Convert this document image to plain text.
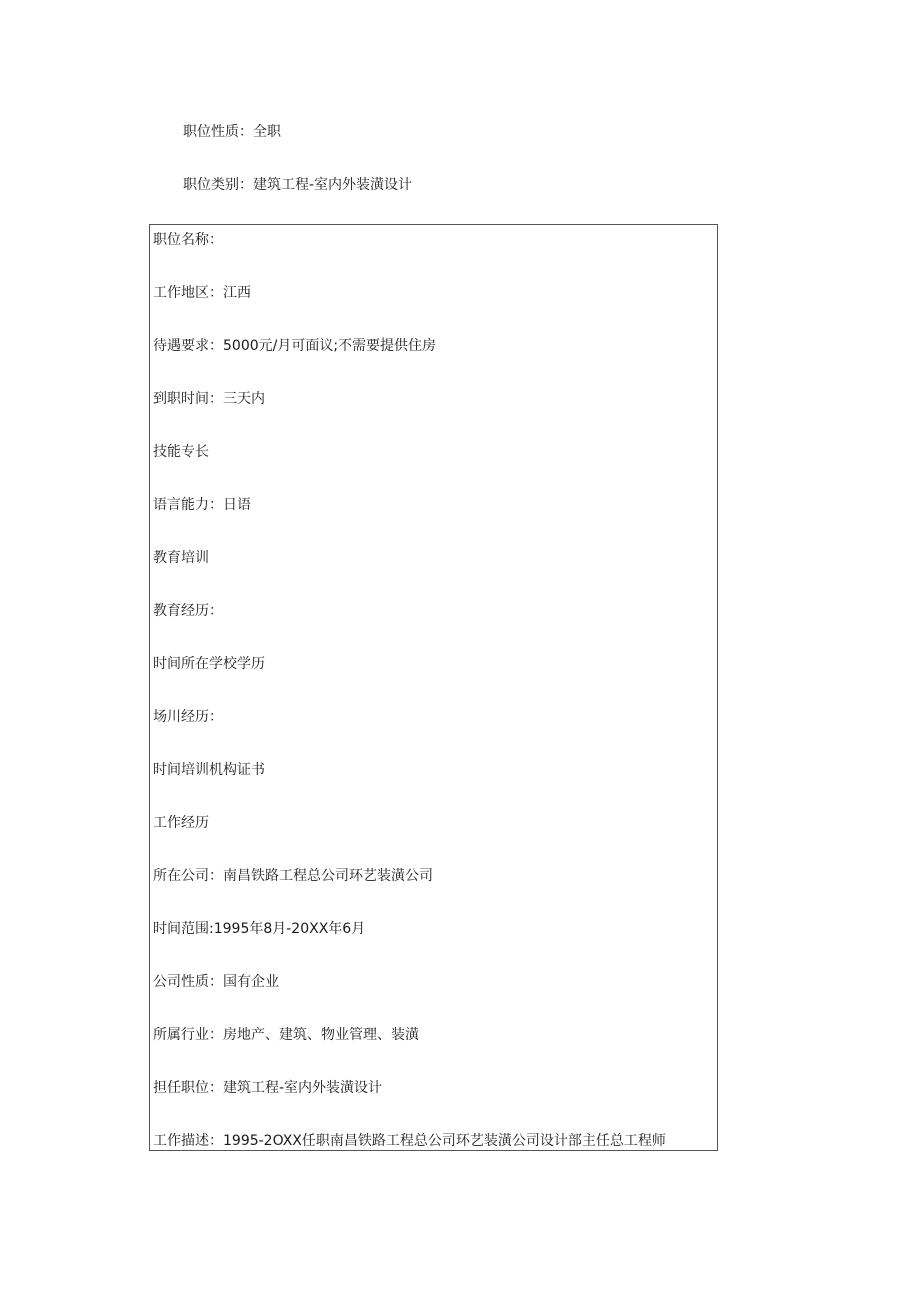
职位性质：全职
职位类别：建筑工程-室内外装潢设计
职位名称：
工作地区：江西
待遇要求：5000元/月可面议;不需要提供住房
到职时间：三天内
技能专长
语言能力：日语
教育培训
教育经历：
时间所在学校学历
场川经历：
时间培训机构证书
工作经历
所在公司：南昌铁路工程总公司环艺装潢公司
时间范围:1995年8月-20XX年6月
公司性质：国有企业
所属行业：房地产、建筑、物业管理、装潢
担任职位：建筑工程-室内外装潢设计
工作描述：1995-2OXX任职南昌铁路工程总公司环艺装潢公司设计部主任总工程师
